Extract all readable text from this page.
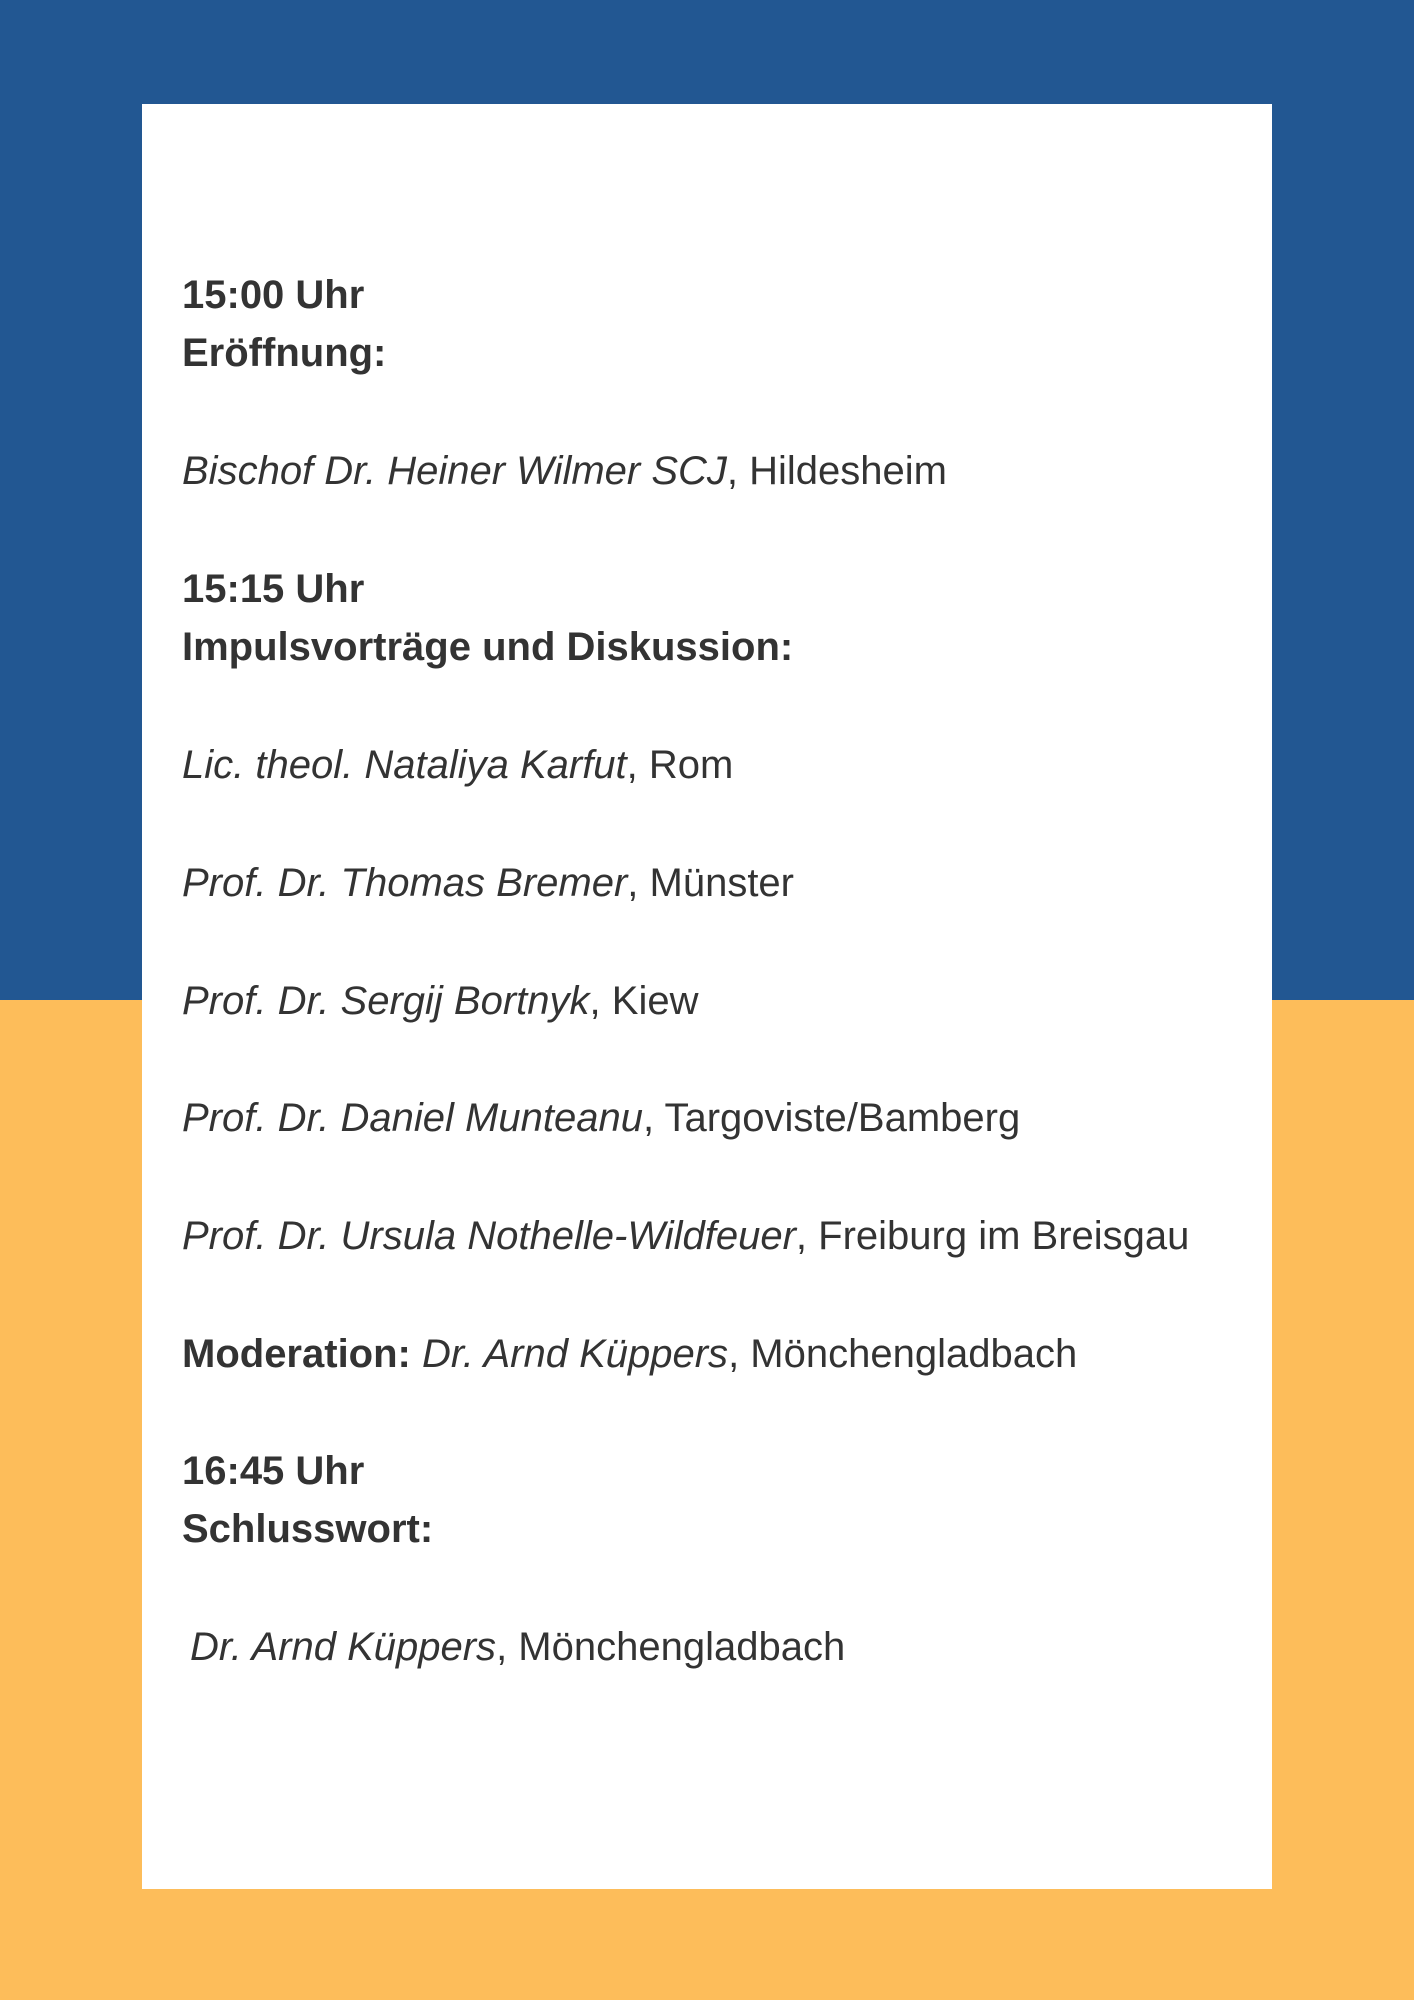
15:00 Uhr
Eröffnung:
Bischof Dr. Heiner Wilmer SCJ, Hildesheim
15:15 Uhr
Impulsvorträge und Diskussion:
Lic. theol. Nataliya Karfut, Rom
Prof. Dr. Thomas Bremer, Münster
Prof. Dr. Sergij Bortnyk, Kiew
Prof. Dr. Daniel Munteanu, Targoviste/Bamberg
Prof. Dr. Ursula Nothelle-Wildfeuer, Freiburg im Breisgau
Moderation: Dr. Arnd Küppers, Mönchengladbach
16:45 Uhr
Schlusswort:
Dr. Arnd Küppers, Mönchengladbach
